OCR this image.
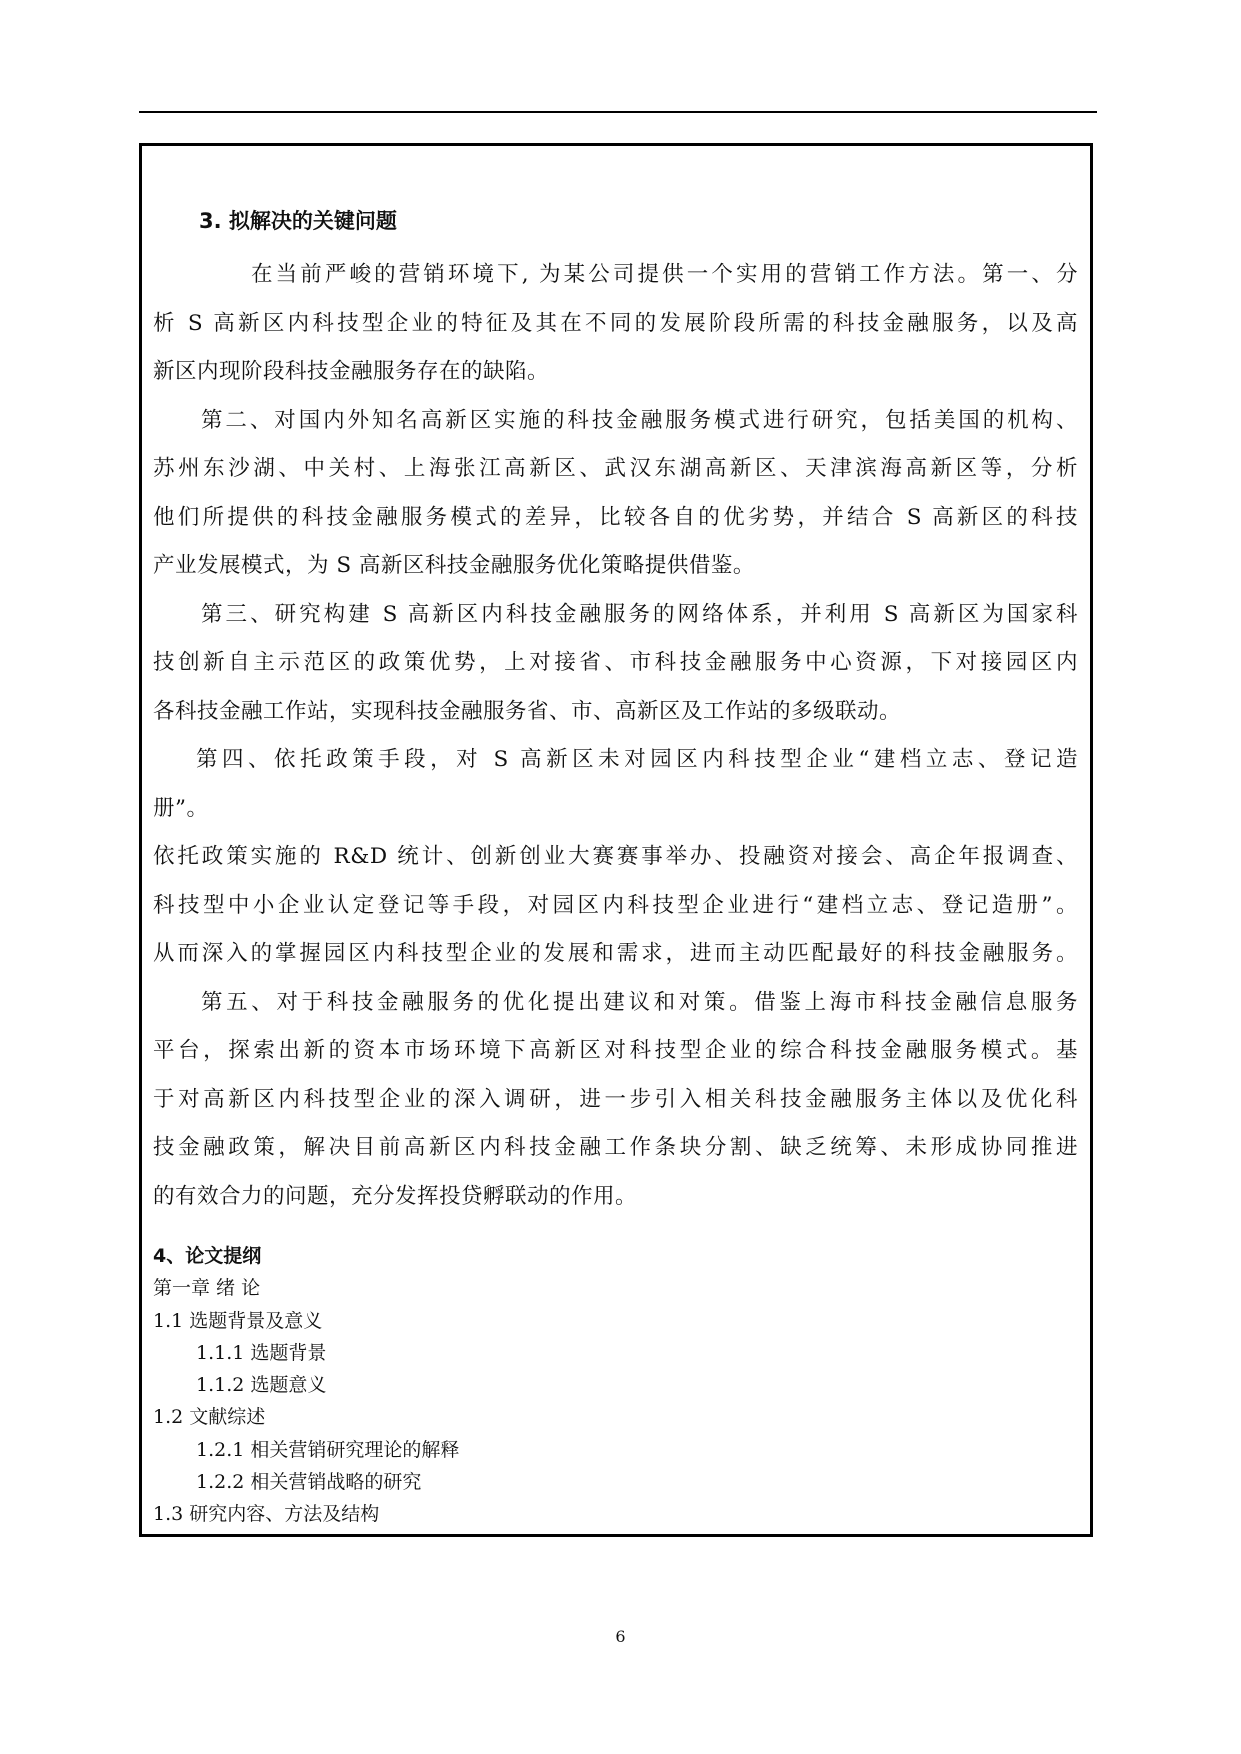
3. 拟解决的关键问题
在当前严峻的营销环境下, 为某公司提供一个实用的营销工作方法。第一、分
析 S 高新区内科技型企业的特征及其在不同的发展阶段所需的科技金融服务，以及高
新区内现阶段科技金融服务存在的缺陷。
第二、对国内外知名高新区实施的科技金融服务模式进行研究，包括美国的机构、
苏州东沙湖、中关村、上海张江高新区、武汉东湖高新区、天津滨海高新区等，分析
他们所提供的科技金融服务模式的差异，比较各自的优劣势，并结合 S 高新区的科技
产业发展模式，为 S 高新区科技金融服务优化策略提供借鉴。
第三、研究构建 S 高新区内科技金融服务的网络体系，并利用 S 高新区为国家科
技创新自主示范区的政策优势，上对接省、市科技金融服务中心资源，下对接园区内
各科技金融工作站，实现科技金融服务省、市、高新区及工作站的多级联动。
第四、依托政策手段，对 S 高新区未对园区内科技型企业“建档立志、登记造
册”。
依托政策实施的 R&D 统计、创新创业大赛赛事举办、投融资对接会、高企年报调查、
科技型中小企业认定登记等手段，对园区内科技型企业进行“建档立志、登记造册”。
从而深入的掌握园区内科技型企业的发展和需求，进而主动匹配最好的科技金融服务。
第五、对于科技金融服务的优化提出建议和对策。借鉴上海市科技金融信息服务
平台，探索出新的资本市场环境下高新区对科技型企业的综合科技金融服务模式。基
于对高新区内科技型企业的深入调研，进一步引入相关科技金融服务主体以及优化科
技金融政策，解决目前高新区内科技金融工作条块分割、缺乏统筹、未形成协同推进
的有效合力的问题，充分发挥投贷孵联动的作用。
4、论文提纲
第一章 绪 论
1.1 选题背景及意义
1.1.1 选题背景
1.1.2 选题意义
1.2 文献综述
1.2.1 相关营销研究理论的解释
1.2.2 相关营销战略的研究
1.3 研究内容、方法及结构
6
